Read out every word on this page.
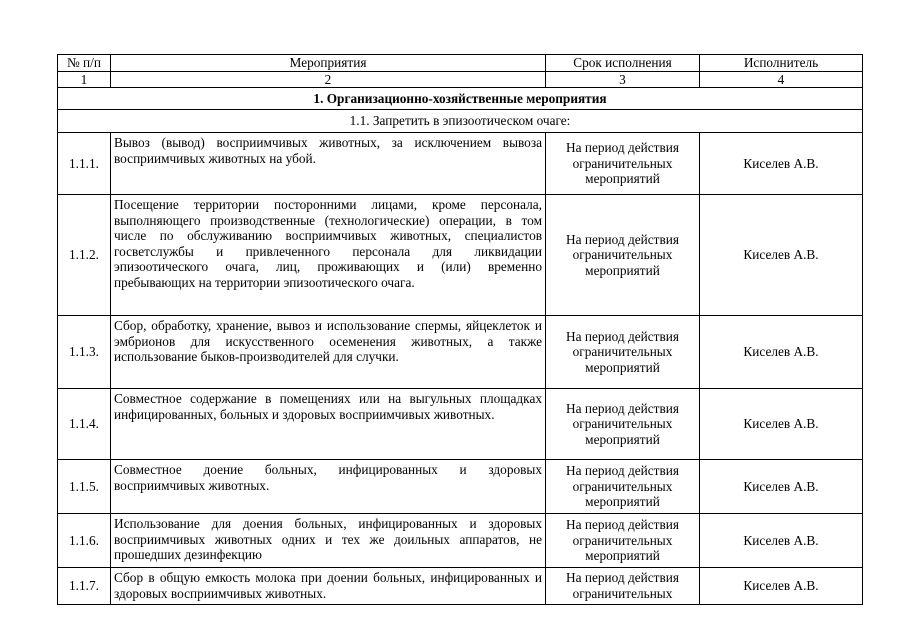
№ п/п	Мероприятия	Срок исполнения	Исполнитель
1	2	3	4
1. Организационно-хозяйственные мероприятия			
1.1. Запретить в эпизоотическом очаге:			
1.1.1.	Вывоз (вывод) восприимчивых животных, за исключением вывоза восприимчивых животных на убой.	На период действия ограничительных мероприятий	Киселев А.В.
1.1.2.	Посещение территории посторонними лицами, кроме персонала, выполняющего производственные (технологические) операции, в том числе по обслуживанию восприимчивых животных, специалистов госветслужбы и привлеченного персонала для ликвидации эпизоотического очага, лиц, проживающих и (или) временно пребывающих на территории эпизоотического очага.	На период действия ограничительных мероприятий	Киселев А.В.
1.1.3.	Сбор, обработку, хранение, вывоз и использование спермы, яйцеклеток и эмбрионов для искусственного осеменения животных, а также использование быков-производителей для случки.	На период действия ограничительных мероприятий	Киселев А.В.
1.1.4.	Совместное содержание в помещениях или на выгульных площадках инфицированных, больных и здоровых восприимчивых животных.	На период действия ограничительных мероприятий	Киселев А.В.
1.1.5.	Совместное доение больных, инфицированных и здоровых восприимчивых животных.	На период действия ограничительных мероприятий	Киселев А.В.
1.1.6.	Использование для доения больных, инфицированных и здоровых восприимчивых животных одних и тех же доильных аппаратов, не прошедших дезинфекцию	На период действия ограничительных мероприятий	Киселев А.В.
1.1.7.	Сбор в общую емкость молока при доении больных, инфицированных и здоровых восприимчивых животных.	На период действия ограничительных	Киселев А.В.
